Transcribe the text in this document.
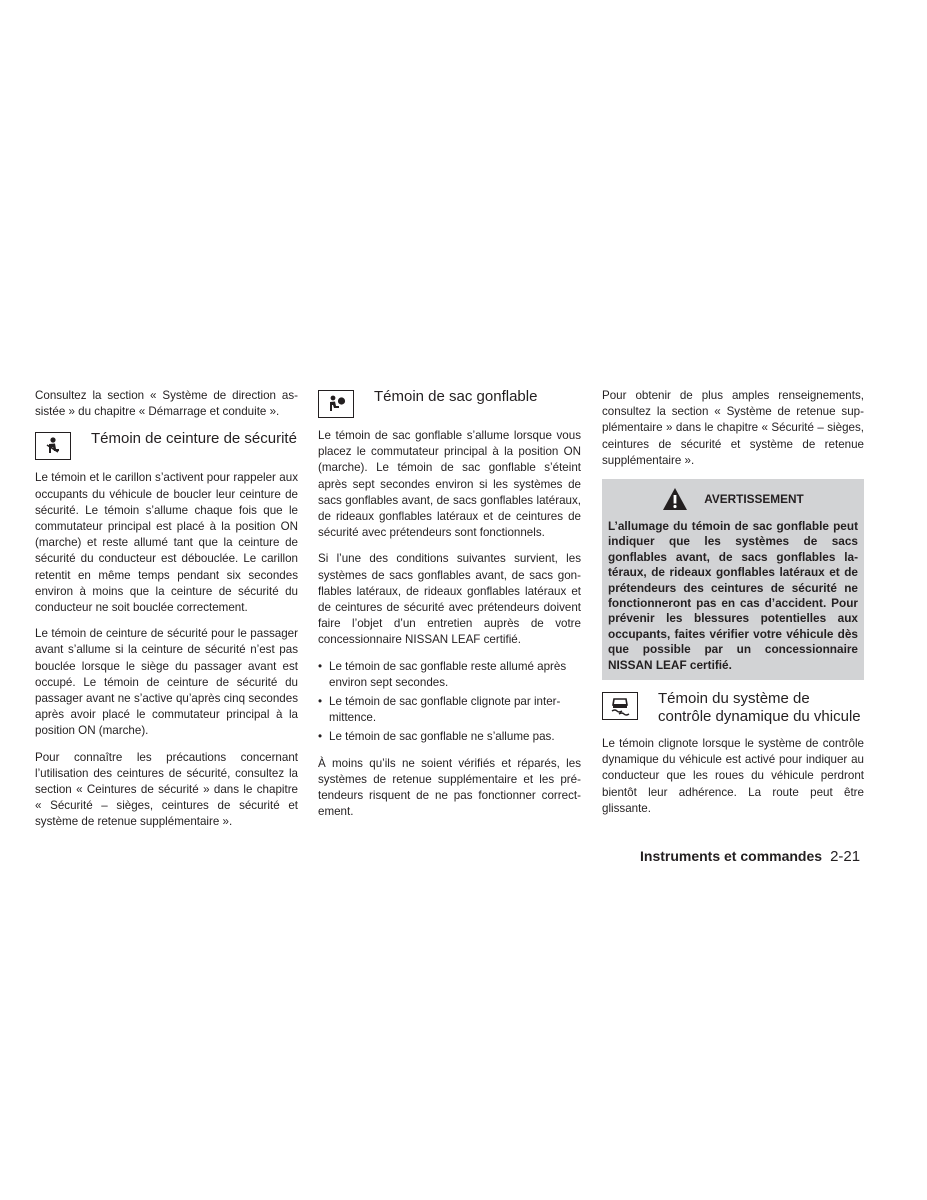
Consultez la section « Système de direction assistée » du chapitre « Démarrage et conduite ».

Témoin de ceinture de sécurité

Le témoin et le carillon s’activent pour rappeler aux occupants du véhicule de boucler leur ceinture de sécurité. Le témoin s’allume chaque fois que le commutateur principal est placé à la position ON (marche) et reste allumé tant que la ceinture de sécurité du conducteur est débouclée. Le carillon retentit en même temps pendant six secondes environ à moins que la ceinture de sécurité du conducteur ne soit bouclée correctement.

Le témoin de ceinture de sécurité pour le passager avant s’allume si la ceinture de sécurité n’est pas bouclée lorsque le siège du passager avant est occupé. Le témoin de ceinture de sécurité du passager avant ne s’active qu’après cinq secondes après avoir placé le commutateur principal à la position ON (marche).

Pour connaître les précautions concernant l’utilisation des ceintures de sécurité, consultez la section « Ceintures de sécurité » dans le chapitre « Sécurité – sièges, ceintures de sécurité et système de retenue supplémentaire ».

Témoin de sac gonflable

Le témoin de sac gonflable s’allume lorsque vous placez le commutateur principal à la position ON (marche). Le témoin de sac gonflable s’éteint après sept secondes environ si les systèmes de sacs gonflables avant, de sacs gonflables latéraux, de rideaux gonflables latéraux et de ceintures de sécurité avec prétendeurs sont fonctionnels.

Si l’une des conditions suivantes survient, les systèmes de sacs gonflables avant, de sacs gonflables latéraux, de rideaux gonflables latéraux et de ceintures de sécurité avec prétendeurs doivent faire l’objet d’un entretien auprès de votre concessionnaire NISSAN LEAF certifié.

• Le témoin de sac gonflable reste allumé après environ sept secondes.
• Le témoin de sac gonflable clignote par intermittence.
• Le témoin de sac gonflable ne s’allume pas.

À moins qu’ils ne soient vérifiés et réparés, les systèmes de retenue supplémentaire et les prétendeurs risquent de ne pas fonctionner correctement.

Pour obtenir de plus amples renseignements, consultez la section « Système de retenue supplémentaire » dans le chapitre « Sécurité – sièges, ceintures de sécurité et système de retenue supplémentaire ».

AVERTISSEMENT
L’allumage du témoin de sac gonflable peut indiquer que les systèmes de sacs gonflables avant, de sacs gonflables latéraux, de rideaux gonflables latéraux et de prétendeurs des ceintures de sécurité ne fonctionneront pas en cas d’accident. Pour prévenir les blessures potentielles aux occupants, faites vérifier votre véhicule dès que possible par un concessionnaire NISSAN LEAF certifié.
Témoin du système de contrôle dynamique du vhicule

Le témoin clignote lorsque le système de contrôle dynamique du véhicule est activé pour indiquer au conducteur que les roues du véhicule perdront bientôt leur adhérence. La route peut être glissante.

Instruments et commandes 2-21
